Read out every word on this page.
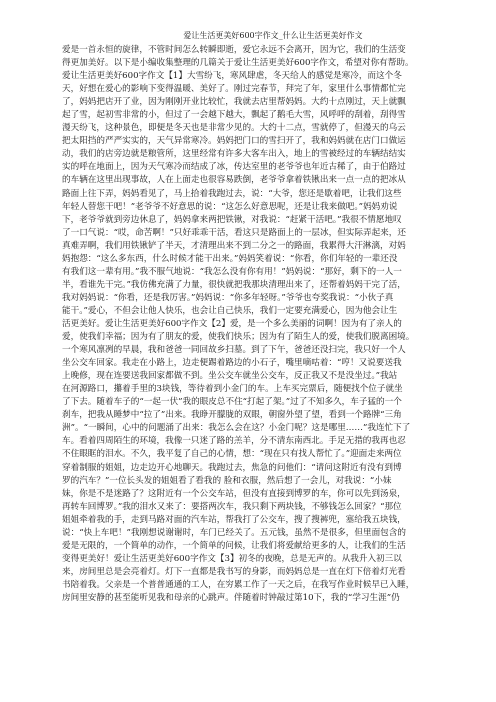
爱让生活更美好600字作文_什么让生活更美好作文
爱是一首永恒的旋律，不管时间怎么转瞬即逝，爱它永远不会离开，因为它，我们的生活变
得更加美好。以下是小编收集整理的几篇关于爱让生活更美好600字作文，希望对你有帮助。
爱让生活更美好600字作文【1】大雪纷飞，寒风肆虐，冬天给人的感觉是寒冷，而这个冬
天，好想在爱心的影响下变得温暖、美好了。刚过完春节，拜完了年，家里什么事情都忙完
了，妈妈把店开了业，因为刚刚开业比较忙，我就去店里帮妈妈。大约十点刚过，天上就飘
起了雪，起初雪非常的小，但过了一会越下越大，飘起了鹅毛大雪，风呼呼的刮着，刮得雪
漫天纷飞，这种景色，即便是冬天也是非常少见的。大约十二点，雪就停了，但漫天的乌云
把太阳挡的严严实实的，天气异常寒冷。妈妈把门口的雪扫开了，我和妈妈就在店门口做运
动，我们的店旁边就是粮管所，这里经常有许多大客车出入，地上的雪被经过的车辆结结实
实的呼在地面上，因为天气寒冷而结成了冰，传达室里的老爷爷也年近古稀了，由于伯路过
的车辆在这里出现事故，人在上面走也很容易跌倒，老爷爷拿着铁锹出来一点一点的把冰从
路面上往下弄，妈妈看见了，马上拾着我跑过去，说：“大爷，您还是歇着吧，让我们这些
年轻人替您干吧！”老爷爷不好意思的说：“这怎么好意思呢，还是让我来做吧。”妈妈劝说
下，老爷爷就到旁边休息了，妈妈拿来两把铁锹，对我说：“赶紧干活吧。”我很不情愿地叹
了一口气说：“哎，命苦啊！”只好乖乖干活，看这只是路面上的一层冰，但实际弄起来，还
真难弄啊，我们用铁锹铲了半天，才清理出来不到二分之一的路面，我累得大汗淋漓，对妈
妈抱怨：“这么多东西，什么时候才能干出来。”妈妈笑着说：“你看，你们年轻的一辈还没
有我们这一辈有用。”我不服气地说：“我怎么没有你有用！”妈妈说：“那好，剩下的一人一
半，看谁先干完。”我仿佛充满了力量，很快就把我那块清理出来了，还帮着妈妈干完了活，
我对妈妈说：“你看，还是我厉害。”妈妈说：“你多年轻呀。”爷爷也夸奖我说：“小伙子真
能干。”爱心，不但会让他人快乐，也会让自己快乐，我们一定要充满爱心，因为他会让生
活更美好。爱让生活更美好600字作文【2】爱，是一个多么美丽的词啊！因为有了亲人的
爱，使我们幸福；因为有了朋友的爱，使我们快乐；因为有了陌生人的爱，使我们脱离困境。
一个寒风凛冽的早晨，我和爸爸一同回故乡扫墓。到了下午，爸爸还没扫完，我只好一个人
坐公交车回家。我走在小路上，边走便踢着路边的小石子，嘴里嘀咕着：“哼！又说要送我
上晚修，现在连要送我回家都做不到。坐公交车就坐公交车，反正我又不是没坐过。”我站
在河源路口，攥着手里的3块钱，等待着到小金门的车。上车买完票后，随便找个位子就坐
了下去。随着车子的“一起一伏”我的眼皮总不住“打起了架。”过了不知多久，车子猛的一个
刹车，把我从睡梦中“拉了”出来。我睁开朦胧的双眼，朝窗外望了望，看到一个路牌“三角
洲”。“一瞬间，心中的问题涌了出来：我怎么会在这？小金门呢？这是哪里……”我连忙下了
车。看着四周陌生的环境，我像一只迷了路的羔羊，分不清东南西北。手足无措的我再也忍
不住眼眶的泪水。不久，我平复了自己的心情，想：“现在只有找人帮忙了。”迎面走来两位
穿着制服的姐姐，边走边开心地聊天。我跑过去，焦急的问他们：“请问这附近有没有到博
罗的汽车？”一位长头发的姐姐看了看我的 脸和衣服，然后想了一会儿，对我说：“小妹
妹，你是不是迷路了？这附近有一个公交车站，但没有直接到博罗的车，你可以先到汤泉，
再转车回博罗。”我的泪水又来了：要搭两次车，我只剩下两块钱，不够钱怎么回家？“那位
姐姐牵着我的手，走到马路对面的汽车站，帮我打了公交车，搜了搜裤兜，塞给我五块钱，
说：“快上车吧！”我刚想说谢谢时，车门已经关了。五元钱，虽然不是很多，但里面包含的
爱是无限的，一个简单的动作，一个简单的问候，让我们将爱献给更多的人，让我们的生活
变得更美好！爱让生活更美好600字作文【3】初冬的夜晚，总是无声的。从我升入初三以
来，房间里总是会亮着灯。灯下一直都是我书写的身影，而妈妈总是一直在灯下倍着灯光看
书陪着我。父亲是一个普普通通的工人，在穷累工作了一天之后，在我写作业时候早已入睡，
房间里安静的甚至能听见我和母亲的心跳声。伴随着时钟敲过第10下，我的“学习生涯”仍
